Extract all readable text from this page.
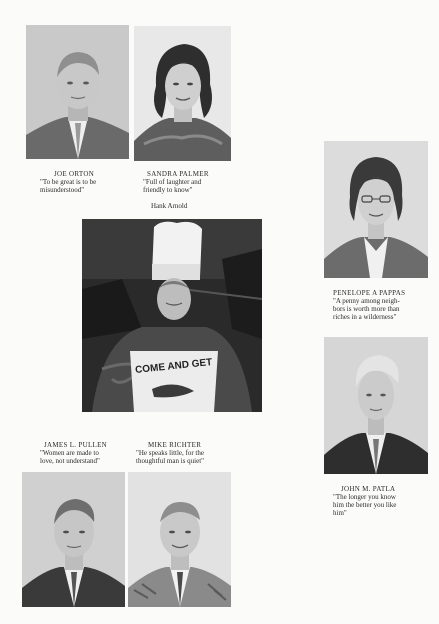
JOE ORTON
"To be great is to be
misunderstood"
SANDRA PALMER
"Full of laughter and
friendly to know"
PENELOPE A PAPPAS
"A penny among neigh-
bors is worth more than
riches in a wilderness"
Hank Arnold
COME AND GET
JOHN M. PATLA
"The longer you know
him the better you like
him"
JAMES L. PULLEN
"Women are made to
love, not understand"
MIKE RICHTER
"He speaks little, for the
thoughtful man is quiet"
